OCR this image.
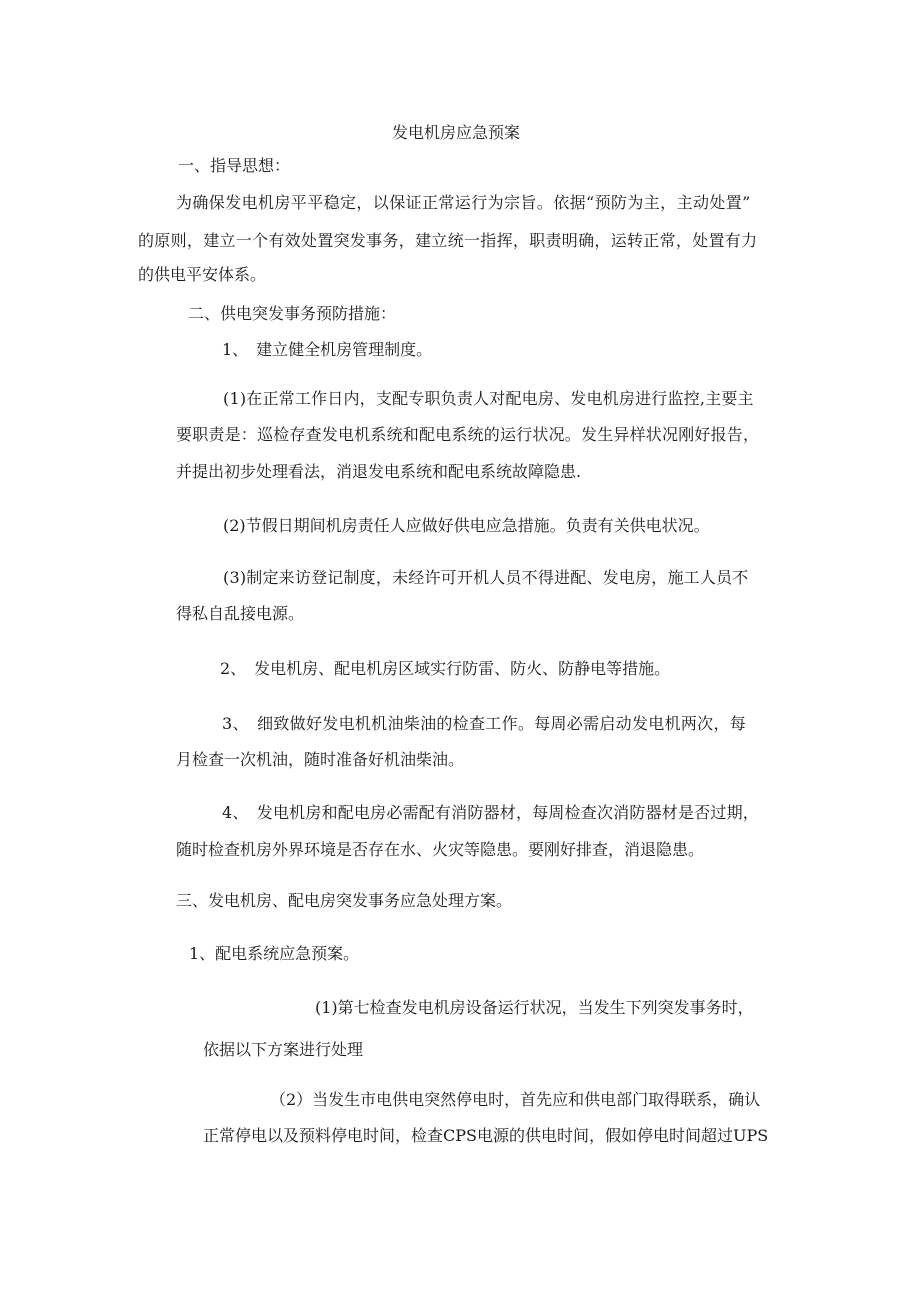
发电机房应急预案
一、指导思想：
为确保发电机房平平稳定，以保证正常运行为宗旨。依据“预防为主，主动处置”
的原则，建立一个有效处置突发事务，建立统一指挥，职责明确，运转正常，处置有力
的供电平安体系。
二、供电突发事务预防措施：
1、　建立健全机房管理制度。
(1)在正常工作日内，支配专职负责人对配电房、发电机房进行监控,主要主
要职责是：巡检存查发电机系统和配电系统的运行状况。发生异样状况刚好报告，
并提出初步处理看法，消退发电系统和配电系统故障隐患.
(2)节假日期间机房责任人应做好供电应急措施。负责有关供电状况。
(3)制定来访登记制度，未经许可开机人员不得进配、发电房，施工人员不
得私自乱接电源。
2、　发电机房、配电机房区域实行防雷、防火、防静电等措施。
3、　细致做好发电机机油柴油的检查工作。每周必需启动发电机两次，每
月检查一次机油，随时准备好机油柴油。
4、　发电机房和配电房必需配有消防器材，每周检查次消防器材是否过期，
随时检查机房外界环境是否存在水、火灾等隐患。要刚好排查，消退隐患。
三、发电机房、配电房突发事务应急处理方案。
1、配电系统应急预案。
(1)第七检查发电机房设备运行状况，当发生下列突发事务时，
依据以下方案进行处理
（2）当发生市电供电突然停电时，首先应和供电部门取得联系，确认
正常停电以及预料停电时间，检查CPS电源的供电时间，假如停电时间超过UPS
